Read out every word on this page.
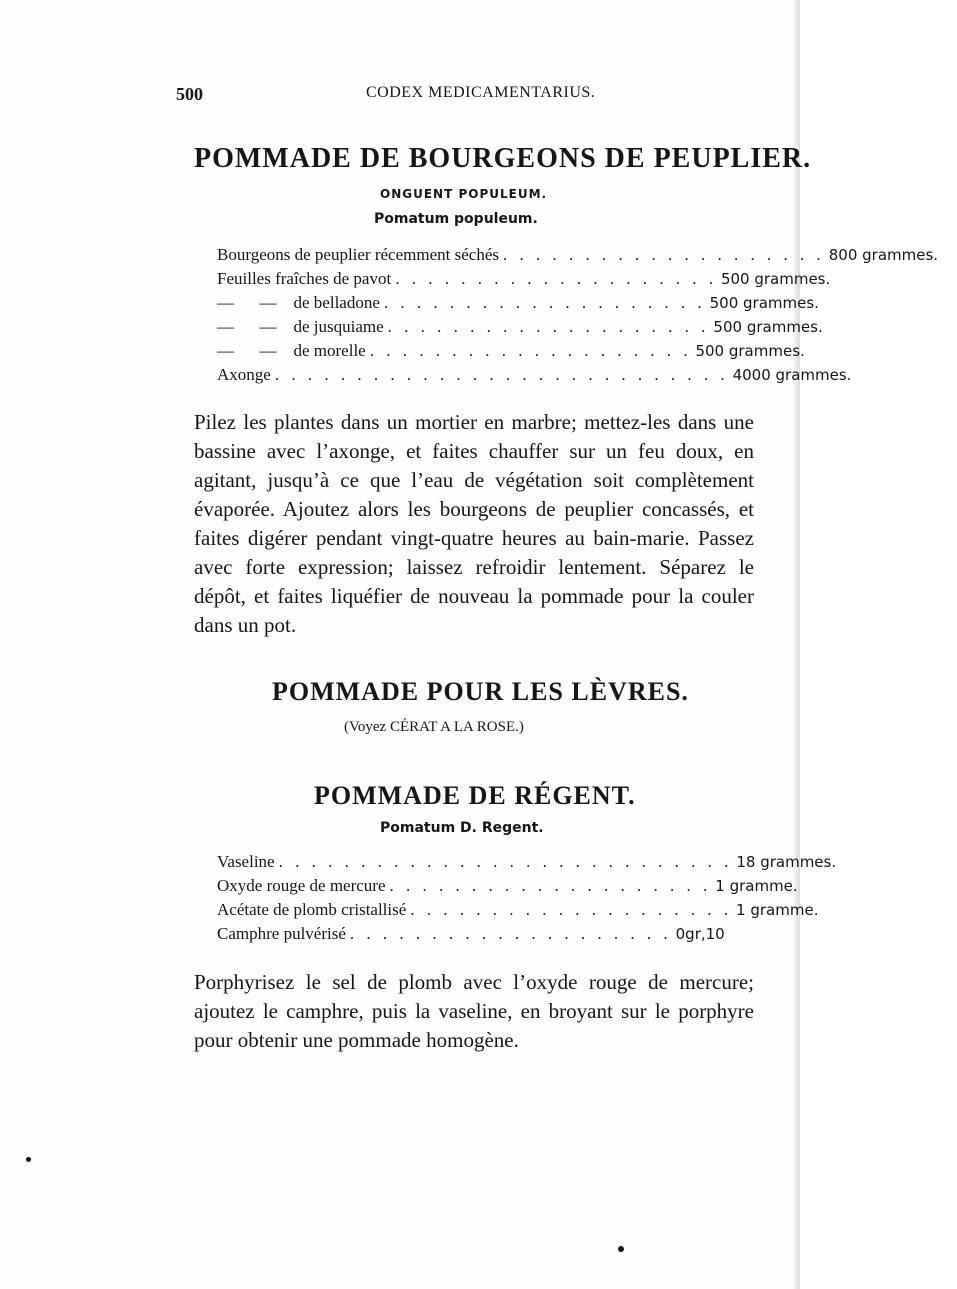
500	CODEX MEDICAMENTARIUS.
POMMADE DE BOURGEONS DE PEUPLIER.
ONGUENT POPULEUM.
Pomatum populeum.
Bourgeons de peuplier récemment séchés . . . . . . . . . . . . . . . . . . . . 800 grammes.
Feuilles fraîches de pavot . . . . . . . . . . . . . . . . . . . . 500 grammes.
—      —    de belladone . . . . . . . . . . . . . . . . . . . . 500 grammes.
—      —    de jusquiame . . . . . . . . . . . . . . . . . . . . 500 grammes.
—      —    de morelle . . . . . . . . . . . . . . . . . . . . 500 grammes.
Axonge . . . . . . . . . . . . . . . . . . . . . . . . . . . . 4000 grammes.

Pilez les plantes dans un mortier en marbre; mettez-les dans une bassine avec l’axonge, et faites chauffer sur un feu doux, en agitant, jusqu’à ce que l’eau de végétation soit complètement évaporée. Ajoutez alors les bourgeons de peuplier concassés, et faites digérer pendant vingt-quatre heures au bain-marie. Passez avec forte expression; laissez refroidir lentement. Séparez le dépôt, et faites liquéfier de nouveau la pommade pour la couler dans un pot.

POMMADE POUR LES LÈVRES.
(Voyez CÉRAT A LA ROSE.)
POMMADE DE RÉGENT.
Pomatum D. Regent.
Vaseline . . . . . . . . . . . . . . . . . . . . . . . . . . . . 18 grammes.
Oxyde rouge de mercure . . . . . . . . . . . . . . . . . . . . 1 gramme.
Acétate de plomb cristallisé . . . . . . . . . . . . . . . . . . . . 1 gramme.
Camphre pulvérisé . . . . . . . . . . . . . . . . . . . . 0gr,10

Porphyrisez le sel de plomb avec l’oxyde rouge de mercure; ajoutez le camphre, puis la vaseline, en broyant sur le porphyre pour obtenir une pommade homogène.
